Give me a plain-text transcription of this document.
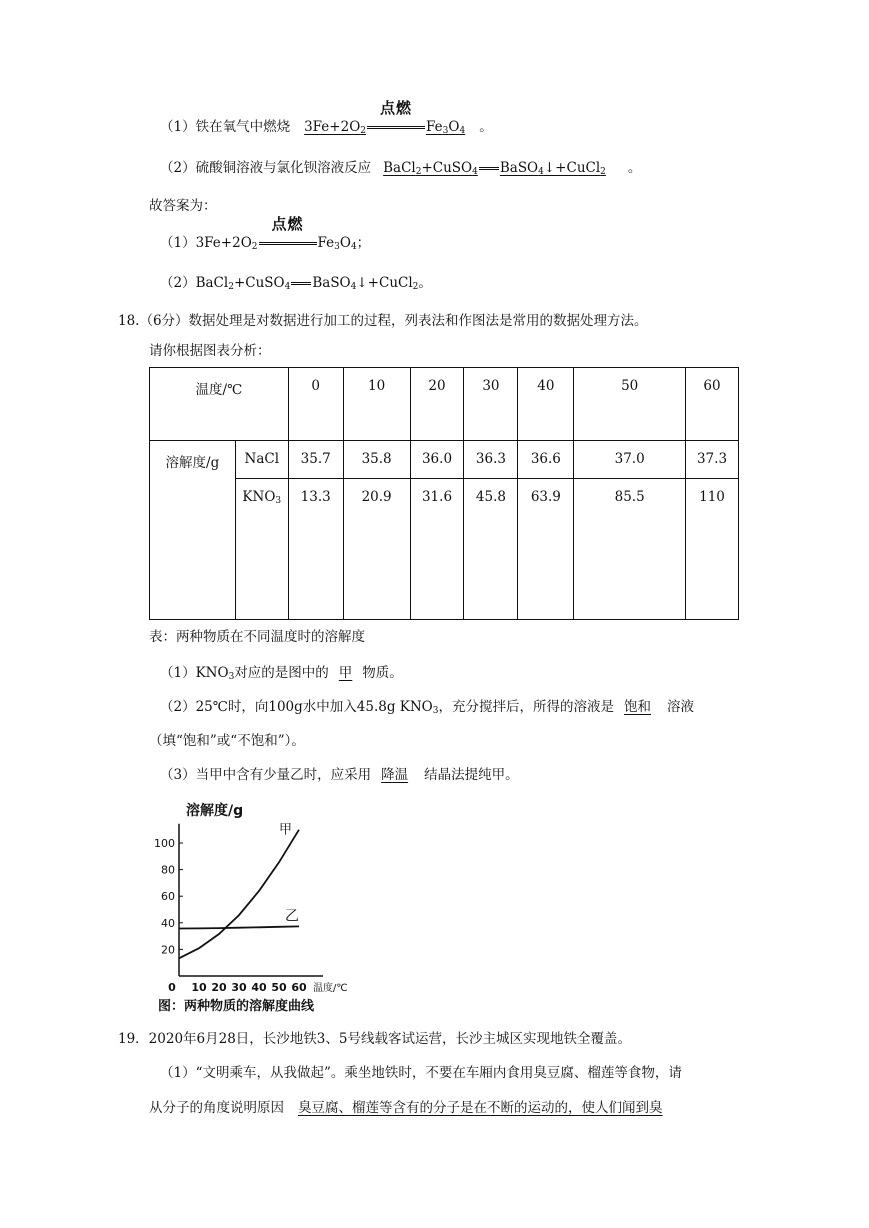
（1）铁在氧气中燃烧 $3Fe+2O_2$
点燃
$Fe_3O_4$ 。
（2）硫酸铜溶液与氯化钡溶液反应 BaCl$_2$+CuSO$_4$ BaSO$_4$↓+CuCl$_2$ 。
故答案为：
$(1)3Fe+2O_2$
点燃
$Fe_3O_4$；
（2）BaCl$_2$+CuSO$_4$ BaSO$_4$↓+CuCl$_2$。
18.（6分）数据处理是对数据进行加工的过程，列表法和作图法是常用的数据处理方法。
请你根据图表分析：
温度/℃		0	10	20	30	40	50	60
溶解度/g	NaCl	35.7	35.8	36.0	36.3	36.6	37.0	37.3
	$KNO_3$	13.3	20.9	31.6	45.8	63.9	85.5	110
表：两种物质在不同温度时的溶解度
$(1)KNO_3$对应的是图中的 甲 物质。
（2）25℃时，向100g水中加入45.8g $KNO_3$，充分搅拌后，所得的溶液是 饱和 溶液
（填“饱和”或“不饱和”）。
（3）当甲中含有少量乙时，应采用 降温 结晶法提纯甲。
溶解度/g
20
40
60
80
100
0 10 20 30 40 50 60
甲
乙
温度/℃
图：两种物质的溶解度曲线
19．2020年6月28日，长沙地铁3、5号线载客试运营，长沙主城区实现地铁全覆盖。
（1）“文明乘车，从我做起”。乘坐地铁时，不要在车厢内食用臭豆腐、榴莲等食物，请
从分子的角度说明原因 臭豆腐、榴莲等含有的分子是在不断的运动的，使人们闻到臭
